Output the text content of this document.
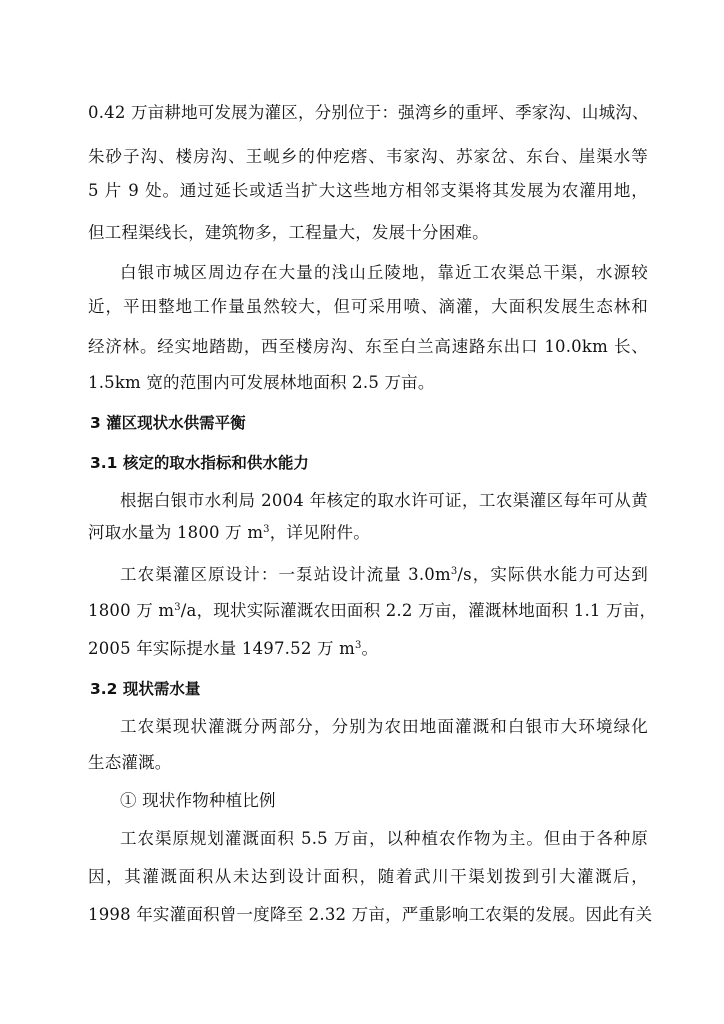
0.42 万亩耕地可发展为灌区，分别位于：强湾乡的重坪、季家沟、山城沟、
朱砂子沟、楼房沟、王岘乡的仲疙瘩、韦家沟、苏家岔、东台、崖渠水等
5 片 9 处。通过延长或适当扩大这些地方相邻支渠将其发展为农灌用地，
但工程渠线长，建筑物多，工程量大，发展十分困难。
白银市城区周边存在大量的浅山丘陵地，靠近工农渠总干渠，水源较
近，平田整地工作量虽然较大，但可采用喷、滴灌，大面积发展生态林和
经济林。经实地踏勘，西至楼房沟、东至白兰高速路东出口 10.0km 长、
1.5km 宽的范围内可发展林地面积 2.5 万亩。
3 灌区现状水供需平衡
3.1 核定的取水指标和供水能力
根据白银市水利局 2004 年核定的取水许可证，工农渠灌区每年可从黄
河取水量为 1800 万 $m^3$，详见附件。
工农渠灌区原设计：一泵站设计流量 $3.0m^3/s$，实际供水能力可达到
1800 万 $m^3/a$，现状实际灌溉农田面积 2.2 万亩，灌溉林地面积 1.1 万亩，
2005 年实际提水量 1497.52 万 $m^3$。
3.2 现状需水量
工农渠现状灌溉分两部分，分别为农田地面灌溉和白银市大环境绿化
生态灌溉。
① 现状作物种植比例
工农渠原规划灌溉面积 5.5 万亩，以种植农作物为主。但由于各种原
因，其灌溉面积从未达到设计面积，随着武川干渠划拨到引大灌溉后，
1998 年实灌面积曾一度降至 2.32 万亩，严重影响工农渠的发展。因此有关
